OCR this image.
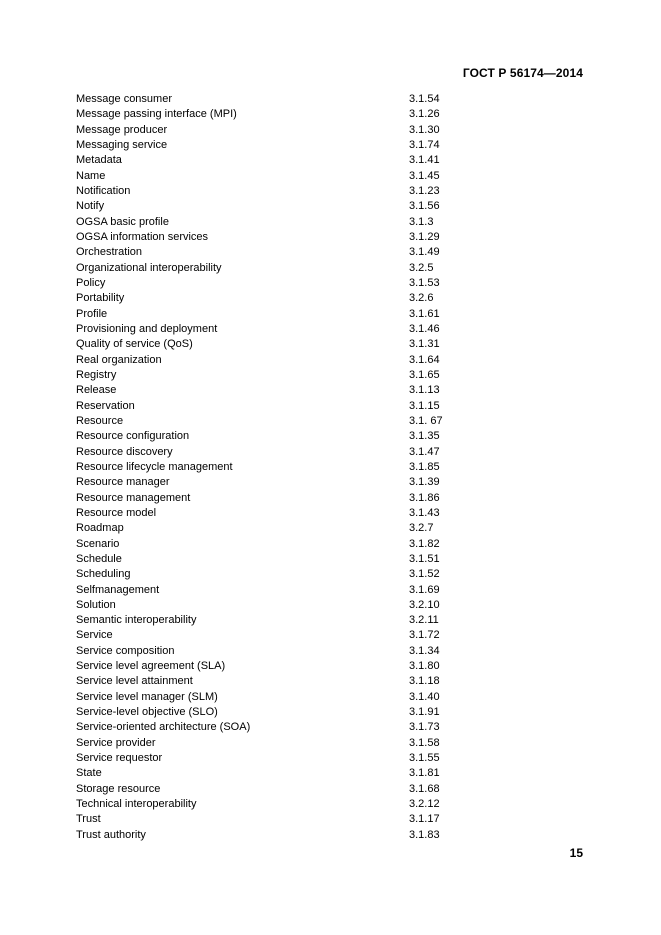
ГОСТ Р 56174—2014
Message consumer	3.1.54
Message passing interface (MPI)	3.1.26
Message producer	3.1.30
Messaging service	3.1.74
Metadata	3.1.41
Name	3.1.45
Notification	3.1.23
Notify	3.1.56
OGSA basic profile	3.1.3
OGSA information services	3.1.29
Orchestration	3.1.49
Organizational interoperability	3.2.5
Policy	3.1.53
Portability	3.2.6
Profile	3.1.61
Provisioning and deployment	3.1.46
Quality of service (QoS)	3.1.31
Real organization	3.1.64
Registry	3.1.65
Release	3.1.13
Reservation	3.1.15
Resource	3.1. 67
Resource configuration	3.1.35
Resource discovery	3.1.47
Resource lifecycle management	3.1.85
Resource manager	3.1.39
Resource management	3.1.86
Resource model	3.1.43
Roadmap	3.2.7
Scenario	3.1.82
Schedule	3.1.51
Scheduling	3.1.52
Selfmanagement	3.1.69
Solution	3.2.10
Semantic interoperability	3.2.11
Service	3.1.72
Service composition	3.1.34
Service level agreement (SLA)	3.1.80
Service level attainment	3.1.18
Service level manager (SLM)	3.1.40
Service-level objective (SLO)	3.1.91
Service-oriented architecture (SOA)	3.1.73
Service provider	3.1.58
Service requestor	3.1.55
State	3.1.81
Storage resource	3.1.68
Technical interoperability	3.2.12
Trust	3.1.17
Trust authority	3.1.83
15
